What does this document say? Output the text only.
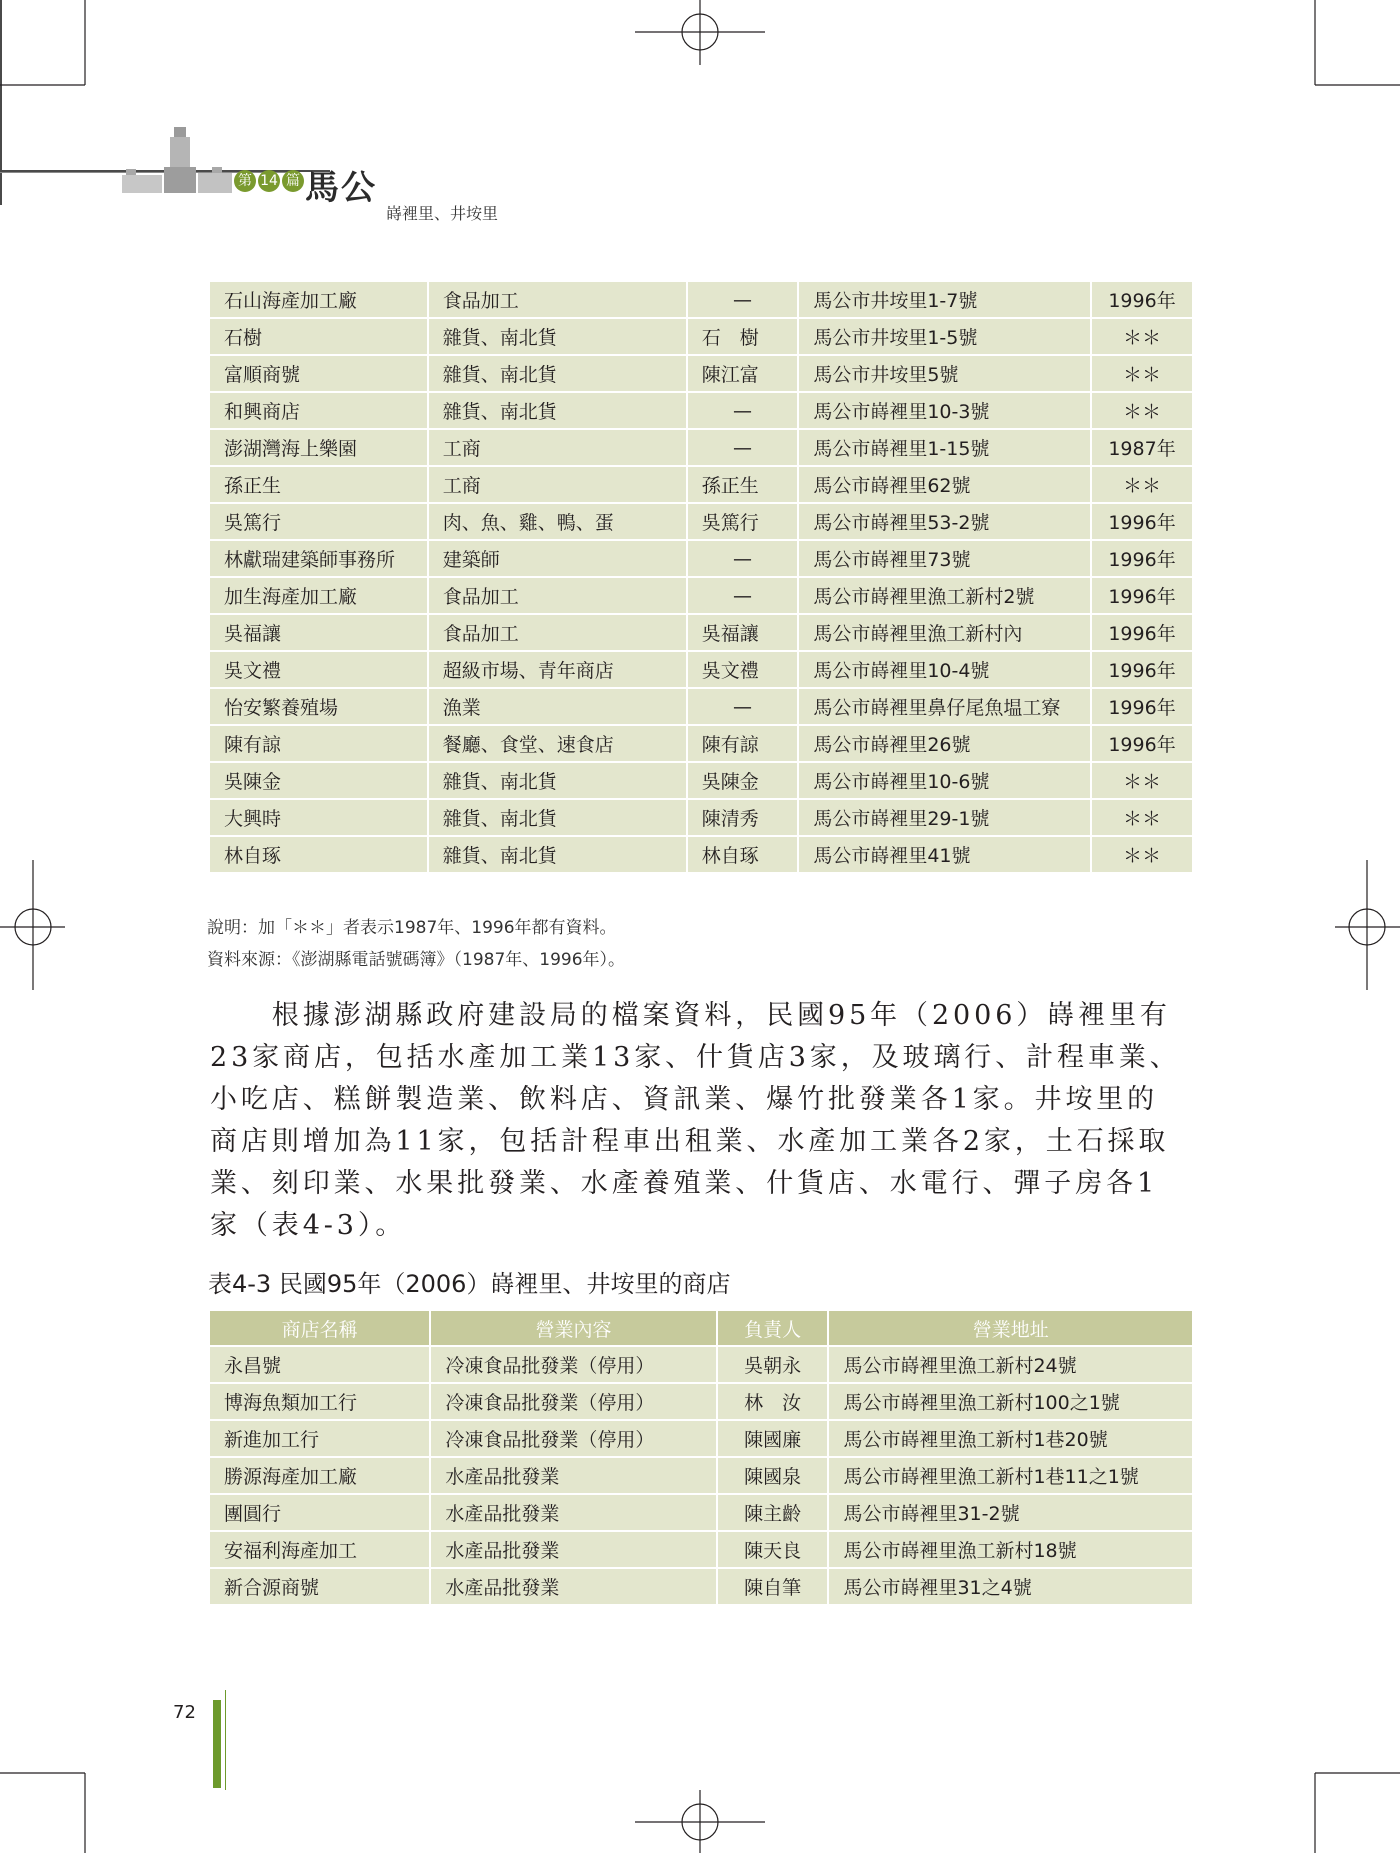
第 14 篇 馬公
嵵裡里、井垵里
石山海產加工廠	食品加工	—	馬公市井垵里1-7號	1996年
石樹	雜貨、南北貨	石　樹	馬公市井垵里1-5號	＊＊
富順商號	雜貨、南北貨	陳江富	馬公市井垵里5號	＊＊
和興商店	雜貨、南北貨	—	馬公市嵵裡里10-3號	＊＊
澎湖灣海上樂園	工商	—	馬公市嵵裡里1-15號	1987年
孫正生	工商	孫正生	馬公市嵵裡里62號	＊＊
吳篤行	肉、魚、雞、鴨、蛋	吳篤行	馬公市嵵裡里53-2號	1996年
林獻瑞建築師事務所	建築師	—	馬公市嵵裡里73號	1996年
加生海產加工廠	食品加工	—	馬公市嵵裡里漁工新村2號	1996年
吳福讓	食品加工	吳福讓	馬公市嵵裡里漁工新村內	1996年
吳文禮	超級市場、青年商店	吳文禮	馬公市嵵裡里10-4號	1996年
怡安繁養殖場	漁業	—	馬公市嵵裡里鼻仔尾魚塭工寮	1996年
陳有諒	餐廳、食堂、速食店	陳有諒	馬公市嵵裡里26號	1996年
吳陳金	雜貨、南北貨	吳陳金	馬公市嵵裡里10-6號	＊＊
大興時	雜貨、南北貨	陳清秀	馬公市嵵裡里29-1號	＊＊
林自琢	雜貨、南北貨	林自琢	馬公市嵵裡里41號	＊＊
說明：加「＊＊」者表示1987年、1996年都有資料。
資料來源：《澎湖縣電話號碼簿》（1987年、1996年）。
　　根據澎湖縣政府建設局的檔案資料，民國95年（2006）嵵裡里有
23家商店，包括水產加工業13家、什貨店3家，及玻璃行、計程車業、
小吃店、糕餅製造業、飲料店、資訊業、爆竹批發業各1家。井垵里的
商店則增加為11家，包括計程車出租業、水產加工業各2家，土石採取
業、刻印業、水果批發業、水產養殖業、什貨店、水電行、彈子房各1
家（表4-3）。
表4-3 民國95年（2006）嵵裡里、井垵里的商店
商店名稱	營業內容	負責人	營業地址
永昌號	冷凍食品批發業（停用）	吳朝永	馬公市嵵裡里漁工新村24號
博海魚類加工行	冷凍食品批發業（停用）	林　汝	馬公市嵵裡里漁工新村100之1號
新進加工行	冷凍食品批發業（停用）	陳國廉	馬公市嵵裡里漁工新村1巷20號
勝源海產加工廠	水產品批發業	陳國泉	馬公市嵵裡里漁工新村1巷11之1號
團圓行	水產品批發業	陳主齡	馬公市嵵裡里31-2號
安福利海產加工	水產品批發業	陳天良	馬公市嵵裡里漁工新村18號
新合源商號	水產品批發業	陳自筆	馬公市嵵裡里31之4號
72
